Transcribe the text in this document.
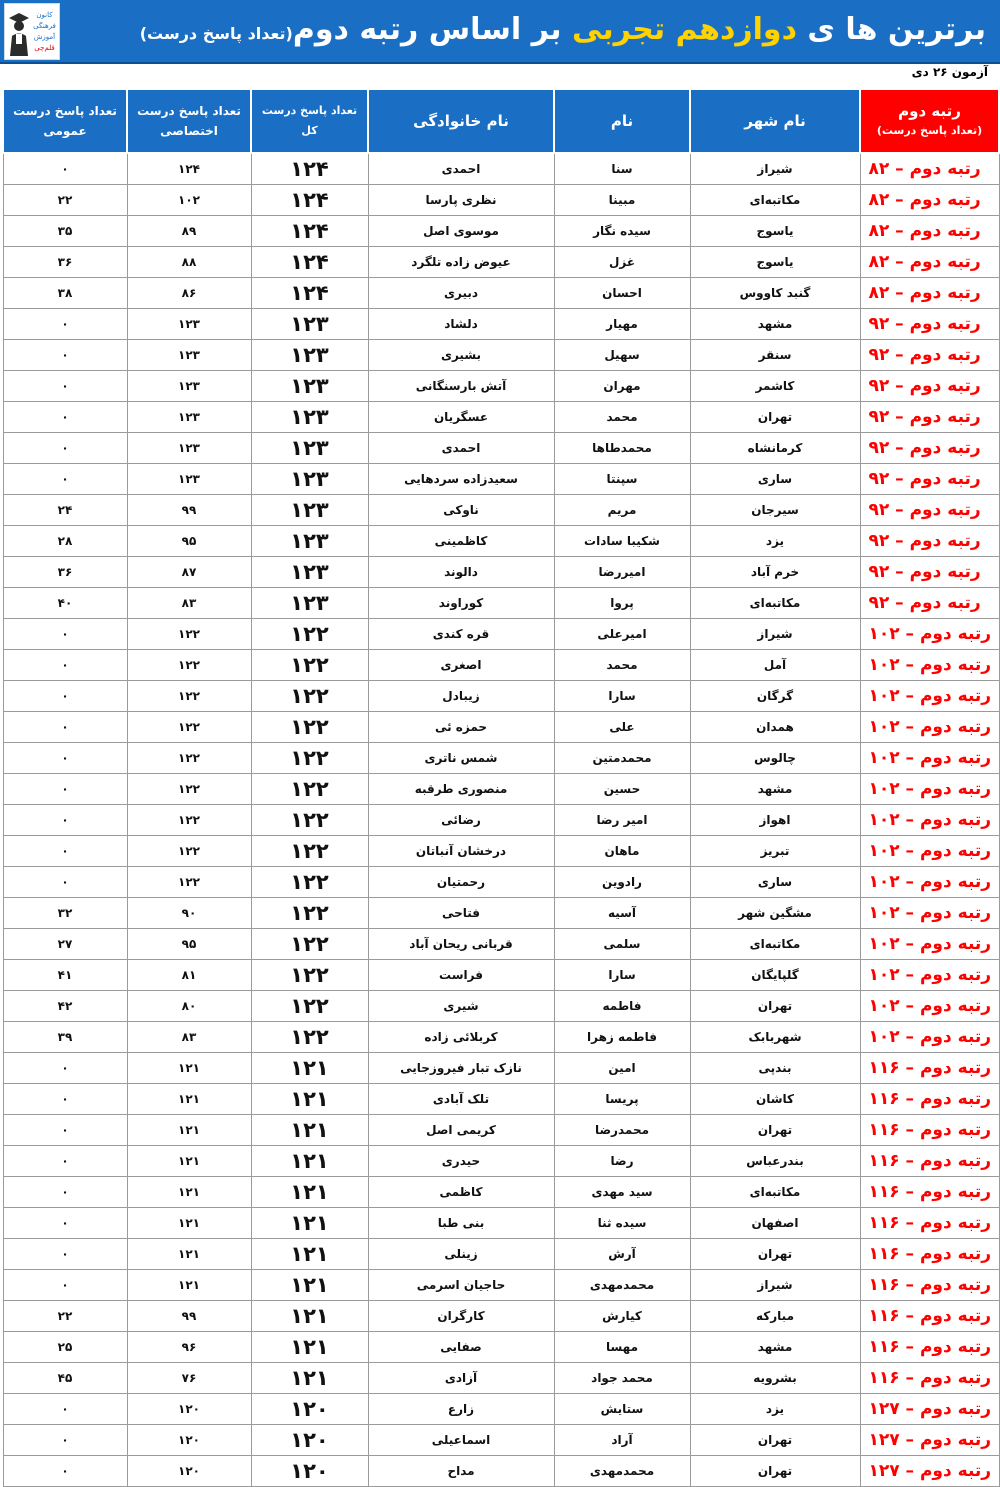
برترین ها ی دوازدهم تجربی بر اساس رتبه دوم(تعداد پاسخ درست)
کانون
فرهنگی
آموزش
قلم‌چی
آزمون ۲۶ دی
رتبه دوم
(تعداد پاسخ درست)	نام شهر	نام	نام خانوادگی	تعداد پاسخ درست کل	تعداد پاسخ درست اختصاصی	تعداد پاسخ درست عمومی
رتبه دوم – ۸۲	شیراز	سنا	احمدی	۱۲۴	۱۲۴	۰
رتبه دوم – ۸۲	مکاتبه‌ای	مبینا	نظری پارسا	۱۲۴	۱۰۲	۲۲
رتبه دوم – ۸۲	یاسوج	سیده نگار	موسوی اصل	۱۲۴	۸۹	۳۵
رتبه دوم – ۸۲	یاسوج	غزل	عیوض زاده تلگرد	۱۲۴	۸۸	۳۶
رتبه دوم – ۸۲	گنبد کاووس	احسان	دبیری	۱۲۴	۸۶	۳۸
رتبه دوم – ۹۲	مشهد	مهیار	دلشاد	۱۲۳	۱۲۳	۰
رتبه دوم – ۹۲	سنقر	سهیل	بشیری	۱۲۳	۱۲۳	۰
رتبه دوم – ۹۲	کاشمر	مهران	آتش بارسنگانی	۱۲۳	۱۲۳	۰
رتبه دوم – ۹۲	تهران	محمد	عسگریان	۱۲۳	۱۲۳	۰
رتبه دوم – ۹۲	کرمانشاه	محمدطاها	احمدی	۱۲۳	۱۲۳	۰
رتبه دوم – ۹۲	ساری	سپنتا	سعیدزاده سردهایی	۱۲۳	۱۲۳	۰
رتبه دوم – ۹۲	سیرجان	مریم	ناوکی	۱۲۳	۹۹	۲۴
رتبه دوم – ۹۲	یزد	شکیبا سادات	کاظمینی	۱۲۳	۹۵	۲۸
رتبه دوم – ۹۲	خرم آباد	امیررضا	دالوند	۱۲۳	۸۷	۳۶
رتبه دوم – ۹۲	مکاتبه‌ای	پروا	کوراوند	۱۲۳	۸۳	۴۰
رتبه دوم – ۱۰۲	شیراز	امیرعلی	قره کندی	۱۲۲	۱۲۲	۰
رتبه دوم – ۱۰۲	آمل	محمد	اصغری	۱۲۲	۱۲۲	۰
رتبه دوم – ۱۰۲	گرگان	سارا	زیبادل	۱۲۲	۱۲۲	۰
رتبه دوم – ۱۰۲	همدان	علی	حمزه ئی	۱۲۲	۱۲۲	۰
رتبه دوم – ۱۰۲	چالوس	محمدمتین	شمس ناتری	۱۲۲	۱۲۲	۰
رتبه دوم – ۱۰۲	مشهد	حسین	منصوری طرقبه	۱۲۲	۱۲۲	۰
رتبه دوم – ۱۰۲	اهواز	امیر رضا	رضائی	۱۲۲	۱۲۲	۰
رتبه دوم – ۱۰۲	تبریز	ماهان	درخشان آنباتان	۱۲۲	۱۲۲	۰
رتبه دوم – ۱۰۲	ساری	رادوین	رحمتیان	۱۲۲	۱۲۲	۰
رتبه دوم – ۱۰۲	مشگین شهر	آسیه	فتاحی	۱۲۲	۹۰	۳۲
رتبه دوم – ۱۰۲	مکاتبه‌ای	سلمی	قربانی ریحان آباد	۱۲۲	۹۵	۲۷
رتبه دوم – ۱۰۲	گلپایگان	سارا	فراست	۱۲۲	۸۱	۴۱
رتبه دوم – ۱۰۲	تهران	فاطمه	شیری	۱۲۲	۸۰	۴۲
رتبه دوم – ۱۰۲	شهربابک	فاطمه زهرا	کربلائی زاده	۱۲۲	۸۳	۳۹
رتبه دوم – ۱۱۶	بندپی	امین	نازک تبار فیروزجایی	۱۲۱	۱۲۱	۰
رتبه دوم – ۱۱۶	کاشان	پریسا	تلک آبادی	۱۲۱	۱۲۱	۰
رتبه دوم – ۱۱۶	تهران	محمدرضا	کریمی اصل	۱۲۱	۱۲۱	۰
رتبه دوم – ۱۱۶	بندرعباس	رضا	حیدری	۱۲۱	۱۲۱	۰
رتبه دوم – ۱۱۶	مکاتبه‌ای	سید مهدی	کاظمی	۱۲۱	۱۲۱	۰
رتبه دوم – ۱۱۶	اصفهان	سیده ثنا	بنی طبا	۱۲۱	۱۲۱	۰
رتبه دوم – ۱۱۶	تهران	آرش	زینلی	۱۲۱	۱۲۱	۰
رتبه دوم – ۱۱۶	شیراز	محمدمهدی	حاجیان اسرمی	۱۲۱	۱۲۱	۰
رتبه دوم – ۱۱۶	مبارکه	کیارش	کارگران	۱۲۱	۹۹	۲۲
رتبه دوم – ۱۱۶	مشهد	مهسا	صفایی	۱۲۱	۹۶	۲۵
رتبه دوم – ۱۱۶	بشرویه	محمد جواد	آزادی	۱۲۱	۷۶	۴۵
رتبه دوم – ۱۲۷	یزد	ستایش	زارع	۱۲۰	۱۲۰	۰
رتبه دوم – ۱۲۷	تهران	آراد	اسماعیلی	۱۲۰	۱۲۰	۰
رتبه دوم – ۱۲۷	تهران	محمدمهدی	مداح	۱۲۰	۱۲۰	۰
